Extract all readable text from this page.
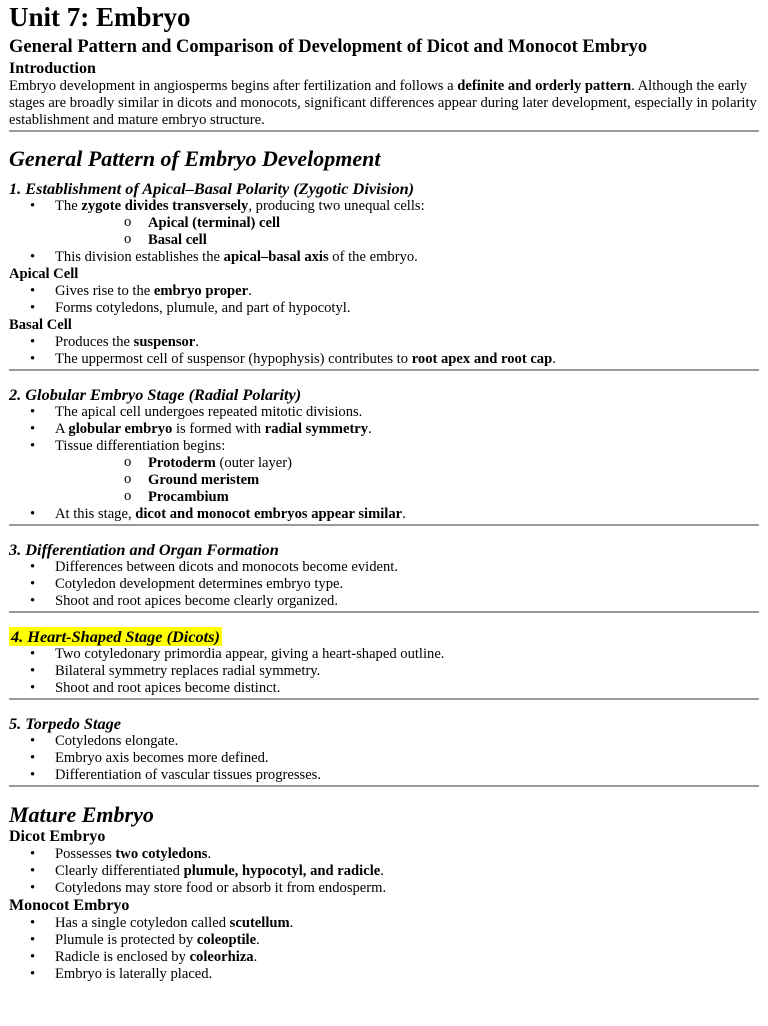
Unit 7: Embryo
General Pattern and Comparison of Development of Dicot and Monocot Embryo
Introduction

Embryo development in angiosperms begins after fertilization and follows a definite and orderly pattern. Although the early stages are broadly similar in dicots and monocots, significant differences appear during later development, especially in polarity establishment and mature embryo structure.

General Pattern of Embryo Development
1. Establishment of Apical–Basal Polarity (Zygotic Division)
• The zygote divides transversely, producing two unequal cells:
o Apical (terminal) cell
o Basal cell
• This division establishes the apical–basal axis of the embryo.
Apical Cell
• Gives rise to the embryo proper.
• Forms cotyledons, plumule, and part of hypocotyl.
Basal Cell
• Produces the suspensor.
• The uppermost cell of suspensor (hypophysis) contributes to root apex and root cap.
2. Globular Embryo Stage (Radial Polarity)
• The apical cell undergoes repeated mitotic divisions.
• A globular embryo is formed with radial symmetry.
• Tissue differentiation begins:
o Protoderm (outer layer)
o Ground meristem
o Procambium
• At this stage, dicot and monocot embryos appear similar.
3. Differentiation and Organ Formation
• Differences between dicots and monocots become evident.
• Cotyledon development determines embryo type.
• Shoot and root apices become clearly organized.
4. Heart-Shaped Stage (Dicots)
• Two cotyledonary primordia appear, giving a heart-shaped outline.
• Bilateral symmetry replaces radial symmetry.
• Shoot and root apices become distinct.
5. Torpedo Stage
• Cotyledons elongate.
• Embryo axis becomes more defined.
• Differentiation of vascular tissues progresses.
Mature Embryo
Dicot Embryo
• Possesses two cotyledons.
• Clearly differentiated plumule, hypocotyl, and radicle.
• Cotyledons may store food or absorb it from endosperm.
Monocot Embryo
• Has a single cotyledon called scutellum.
• Plumule is protected by coleoptile.
• Radicle is enclosed by coleorhiza.
• Embryo is laterally placed.
